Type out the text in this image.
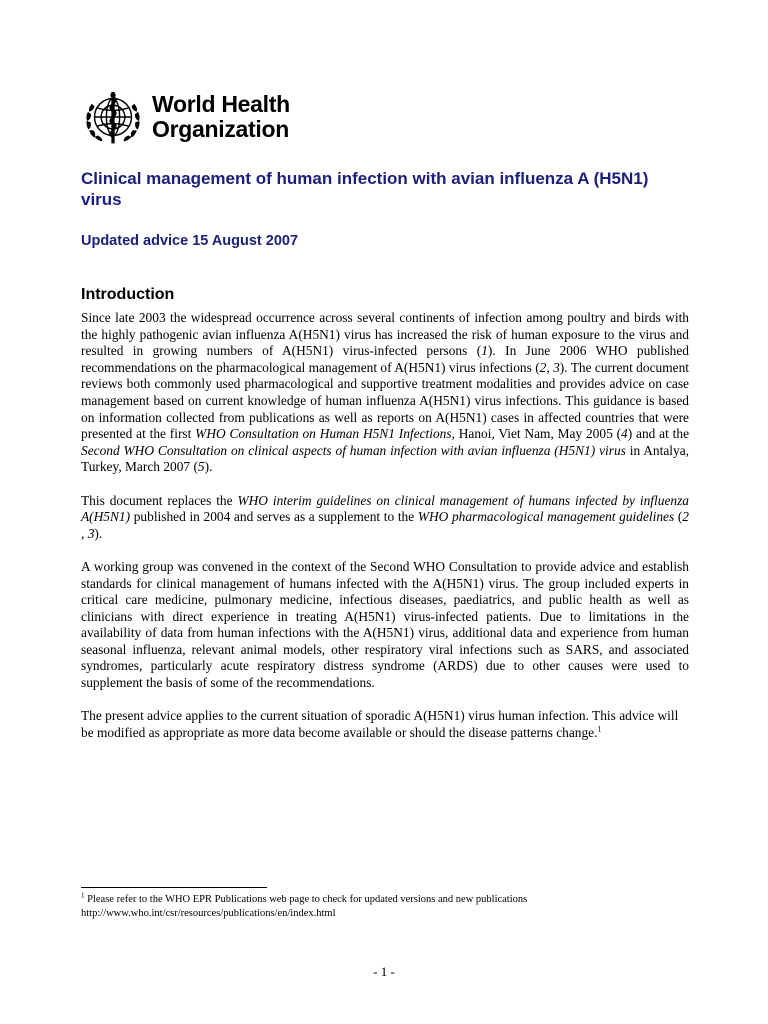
World Health
Organization
Clinical management of human infection with avian influenza A (H5N1) virus
Updated advice 15 August 2007
Introduction

Since late 2003 the widespread occurrence across several continents of infection among poultry and birds with the highly pathogenic avian influenza A(H5N1) virus has increased the risk of human exposure to the virus and resulted in growing numbers of A(H5N1) virus-infected persons (1). In June 2006 WHO published recommendations on the pharmacological management of A(H5N1) virus infections (2, 3). The current document reviews both commonly used pharmacological and supportive treatment modalities and provides advice on case management based on current knowledge of human influenza A(H5N1) virus infections. This guidance is based on information collected from publications as well as reports on A(H5N1) cases in affected countries that were presented at the first WHO Consultation on Human H5N1 Infections, Hanoi, Viet Nam, May 2005 (4) and at the Second WHO Consultation on clinical aspects of human infection with avian influenza (H5N1) virus in Antalya, Turkey, March 2007 (5).

This document replaces the WHO interim guidelines on clinical management of humans infected by influenza A(H5N1) published in 2004 and serves as a supplement to the WHO pharmacological management guidelines (2 , 3).

A working group was convened in the context of the Second WHO Consultation to provide advice and establish standards for clinical management of humans infected with the A(H5N1) virus. The group included experts in critical care medicine, pulmonary medicine, infectious diseases, paediatrics, and public health as well as clinicians with direct experience in treating A(H5N1) virus-infected patients. Due to limitations in the availability of data from human infections with the A(H5N1) virus, additional data and experience from human seasonal influenza, relevant animal models, other respiratory viral infections such as SARS, and associated syndromes, particularly acute respiratory distress syndrome (ARDS) due to other causes were used to supplement the basis of some of the recommendations.

The present advice applies to the current situation of sporadic A(H5N1) virus human infection. This advice will be modified as appropriate as more data become available or should the disease patterns change.$^1$

$^1$ Please refer to the WHO EPR Publications web page to check for updated versions and new publications
http://www.who.int/csr/resources/publications/en/index.html
- 1 -
